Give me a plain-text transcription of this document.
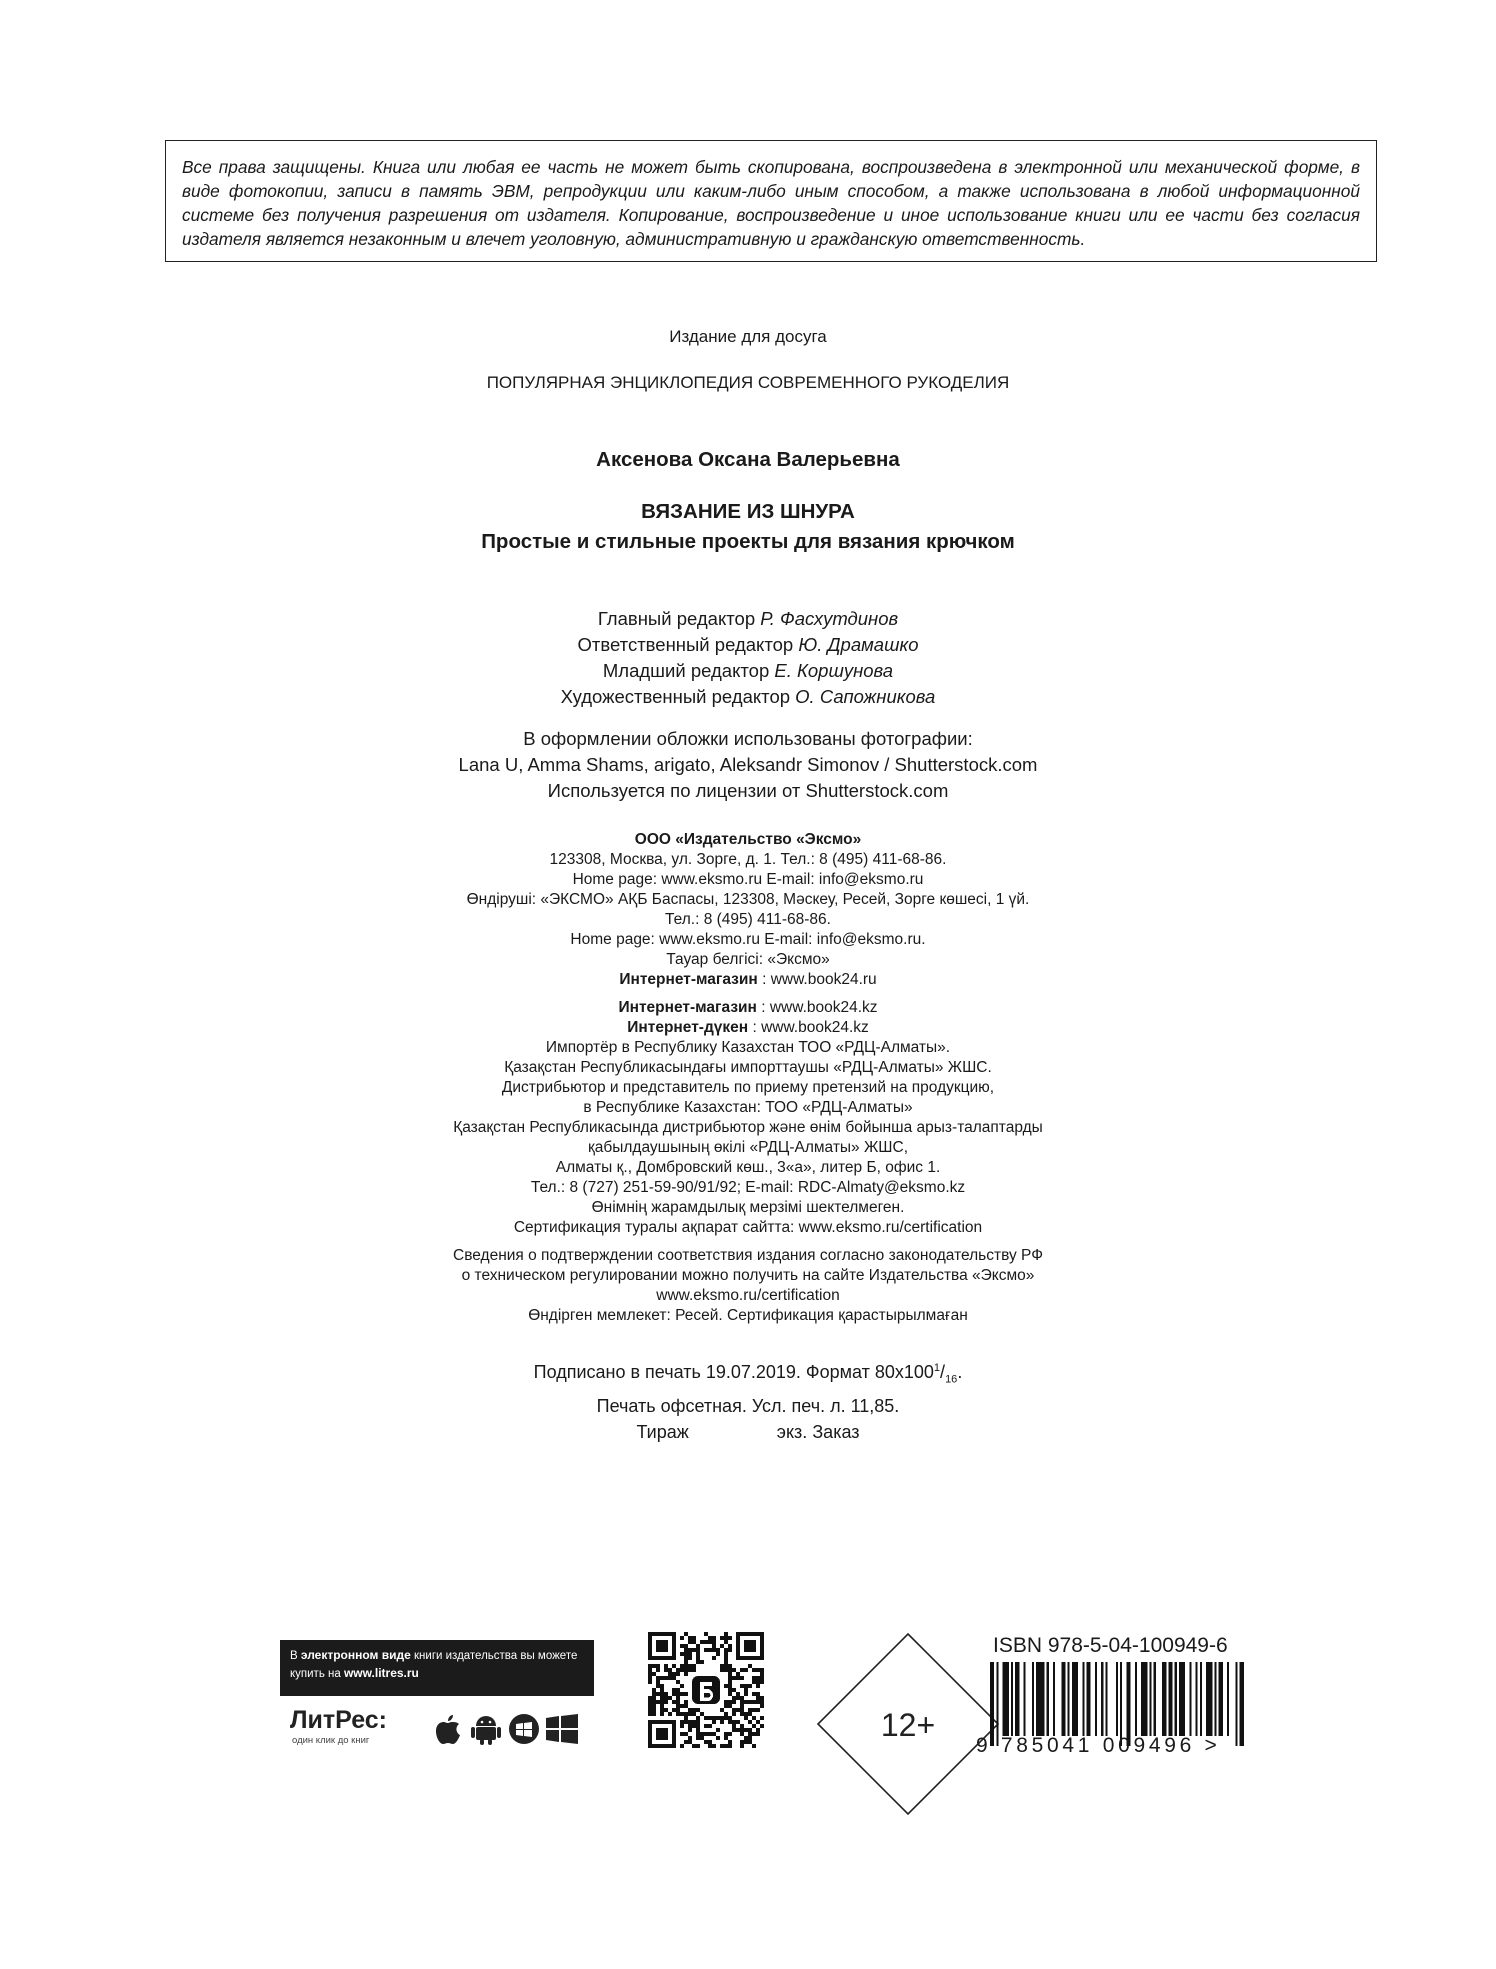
Все права защищены. Книга или любая ее часть не может быть скопирована, воспроизведена в электронной или механической форме, в виде фотокопии, записи в память ЭВМ, репродукции или каким-либо иным способом, а также использована в любой информационной системе без получения разрешения от издателя. Копирование, воспроизведение и иное использование книги или ее части без согласия издателя является незаконным и влечет уголовную, административную и гражданскую ответственность.
Издание для досуга
ПОПУЛЯРНАЯ ЭНЦИКЛОПЕДИЯ СОВРЕМЕННОГО РУКОДЕЛИЯ
Аксенова Оксана Валерьевна
ВЯЗАНИЕ ИЗ ШНУРА
Простые и стильные проекты для вязания крючком
Главный редактор Р. Фасхутдинов
Ответственный редактор Ю. Драмашко
Младший редактор Е. Коршунова
Художественный редактор О. Сапожникова
В оформлении обложки использованы фотографии:
Lana U, Amma Shams, arigato, Aleksandr Simonov / Shutterstock.com
Используется по лицензии от Shutterstock.com
ООО «Издательство «Эксмо»
123308, Москва, ул. Зорге, д. 1. Тел.: 8 (495) 411-68-86.
Home page: www.eksmo.ru E-mail: info@eksmo.ru
Өндіруші: «ЭКСМО» АҚБ Баспасы, 123308, Мәскеу, Ресей, Зорге көшесі, 1 үй.
Тел.: 8 (495) 411-68-86.
Home page: www.eksmo.ru E-mail: info@eksmo.ru.
Тауар белгісі: «Эксмо»
Интернет-магазин : www.book24.ru
Интернет-магазин : www.book24.kz
Интернет-дүкен : www.book24.kz
Импортёр в Республику Казахстан ТОО «РДЦ-Алматы».
Қазақстан Республикасындағы импорттаушы «РДЦ-Алматы» ЖШС.
Дистрибьютор и представитель по приему претензий на продукцию,
в Республике Казахстан: ТОО «РДЦ-Алматы»
Қазақстан Республикасында дистрибьютор және өнім бойынша арыз-талаптарды
қабылдаушының өкілі «РДЦ-Алматы» ЖШС,
Алматы қ., Домбровский көш., 3«а», литер Б, офис 1.
Тел.: 8 (727) 251-59-90/91/92; E-mail: RDC-Almaty@eksmo.kz
Өнімнің жарамдылық мерзімі шектелмеген.
Сертификация туралы ақпарат сайтта: www.eksmo.ru/certification
Сведения о подтверждении соответствия издания согласно законодательству РФ
о техническом регулировании можно получить на сайте Издательства «Эксмо»
www.eksmo.ru/certification
Өндірген мемлекет: Ресей. Сертификация қарастырылмаған
Подписано в печать 19.07.2019. Формат $80х100^1/_{16}$.
Печать офсетная. Усл. печ. л. 11,85.
Тираж	экз. Заказ
В электронном виде книги издательства вы можете
купить на www.litres.ru
ЛитРес:
один клик до книг	12+
ISBN 978-5-04-100949-6
9 785041 009496 >
